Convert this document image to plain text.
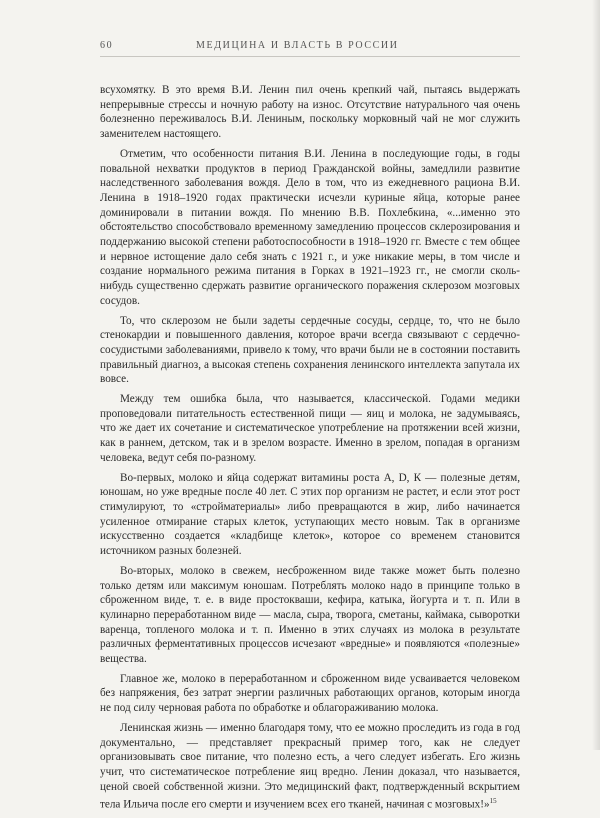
60	МЕДИЦИНА И ВЛАСТЬ В РОССИИ

всухомятку. В это время В.И. Ленин пил очень крепкий чай, пытаясь выдержать непрерывные стрессы и ночную работу на износ. Отсутствие натурального чая очень болезненно переживалось В.И. Лениным, поскольку морковный чай не мог служить заменителем настоящего.

Отметим, что особенности питания В.И. Ленина в последующие годы, в годы повальной нехватки продуктов в период Гражданской войны, замедлили развитие наследственного заболевания вождя. Дело в том, что из ежедневного рациона В.И. Ленина в 1918–1920 годах практически исчезли куриные яйца, которые ранее доминировали в питании вождя. По мнению В.В. Похлебкина, «...именно это обстоятельство способствовало временному замедлению процессов склерозирования и поддержанию высокой степени работоспособности в 1918–1920 гг. Вместе с тем общее и нервное истощение дало себя знать с 1921 г., и уже никакие меры, в том числе и создание нормального режима питания в Горках в 1921–1923 гг., не смогли сколь-нибудь существенно сдержать развитие органического поражения склерозом мозговых сосудов.

То, что склерозом не были задеты сердечные сосуды, сердце, то, что не было стенокардии и повышенного давления, которое врачи всегда связывают с сердечно-сосудистыми заболеваниями, привело к тому, что врачи были не в состоянии поставить правильный диагноз, а высокая степень сохранения ленинского интеллекта запутала их вовсе.

Между тем ошибка была, что называется, классической. Годами медики проповедовали питательность естественной пищи — яиц и молока, не задумываясь, что же дает их сочетание и систематическое употребление на протяжении всей жизни, как в раннем, детском, так и в зрелом возрасте. Именно в зрелом, попадая в организм человека, ведут себя по-разному.

Во-первых, молоко и яйца содержат витамины роста А, D, К — полезные детям, юношам, но уже вредные после 40 лет. С этих пор организм не растет, и если этот рост стимулируют, то «стройматериалы» либо превращаются в жир, либо начинается усиленное отмирание старых клеток, уступающих место новым. Так в организме искусственно создается «кладбище клеток», которое со временем становится источником разных болезней.

Во-вторых, молоко в свежем, несброженном виде также может быть полезно только детям или максимум юношам. Потреблять молоко надо в принципе только в сброженном виде, т. е. в виде простокваши, кефира, катыка, йогурта и т. п. Или в кулинарно переработанном виде — масла, сыра, творога, сметаны, каймака, сыворотки варенца, топленого молока и т. п. Именно в этих случаях из молока в результате различных ферментативных процессов исчезают «вредные» и появляются «полезные» вещества.

Главное же, молоко в переработанном и сброженном виде усваивается человеком без напряжения, без затрат энергии различных работающих органов, которым иногда не под силу черновая работа по обработке и облагораживанию молока.

Ленинская жизнь — именно благодаря тому, что ее можно проследить из года в год документально, — представляет прекрасный пример того, как не следует организовывать свое питание, что полезно есть, а чего следует избегать. Его жизнь учит, что систематическое потребление яиц вредно. Ленин доказал, что называется, ценой своей собственной жизни. Это медицинский факт, подтвержденный вскрытием тела Ильича после его смерти и изучением всех его тканей, начиная с мозговых!»$^{15}$
